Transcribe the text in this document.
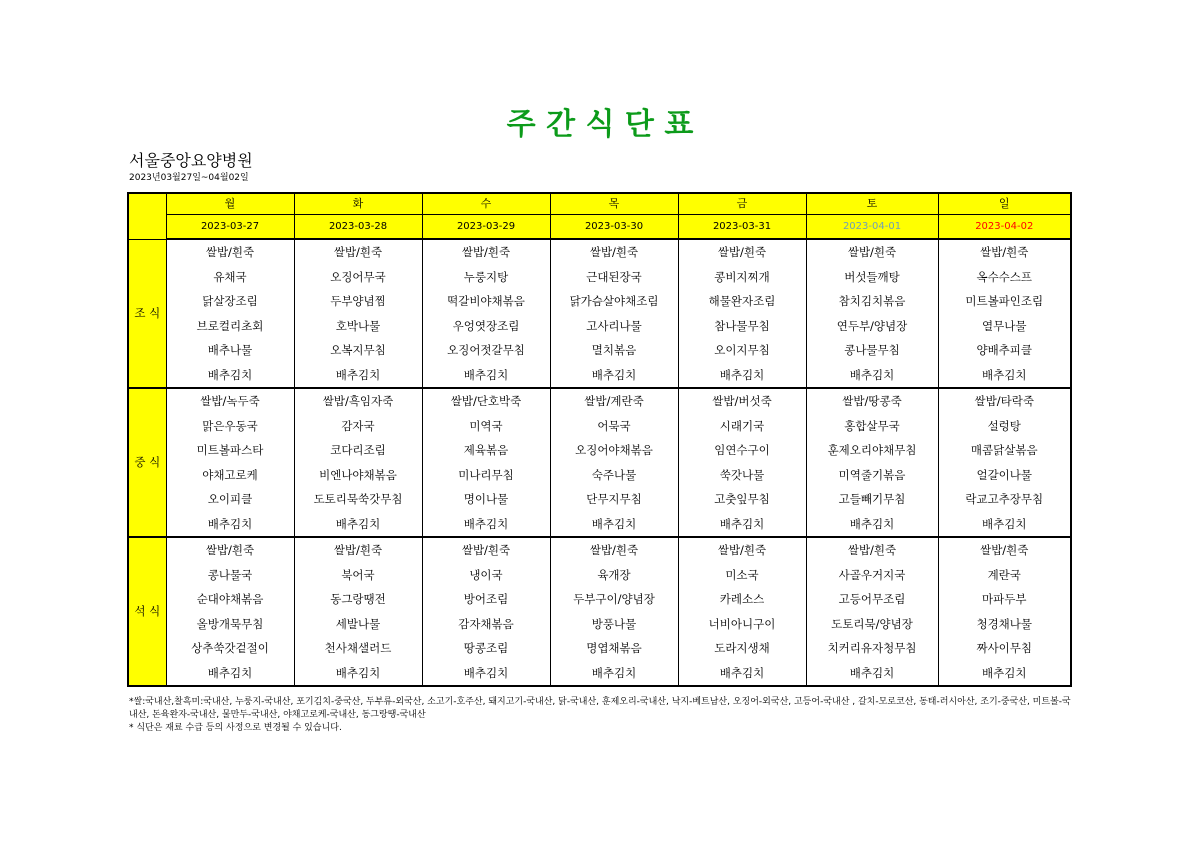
주 간 식 단 표
서울중앙요양병원
2023년03월27일~04월02일
	월	화	수	목	금	토	일
	2023-03-27	2023-03-28	2023-03-29	2023-03-30	2023-03-31	2023-04-01	2023-04-02
조 식	쌀밥/흰죽	쌀밥/흰죽	쌀밥/흰죽	쌀밥/흰죽	쌀밥/흰죽	쌀밥/흰죽	쌀밥/흰죽
	유채국	오징어무국	누룽지탕	근대된장국	콩비지찌개	버섯들깨탕	옥수수스프
	닭살장조림	두부양념찜	떡갈비야채볶음	닭가슴살야채조림	해물완자조림	참치김치볶음	미트볼파인조림
	브로컬리초회	호박나물	우엉엿장조림	고사리나물	참나물무침	연두부/양념장	열무나물
	배추나물	오복지무침	오징어젓갈무침	멸치볶음	오이지무침	콩나물무침	양배추피클
	배추김치	배추김치	배추김치	배추김치	배추김치	배추김치	배추김치
중 식	쌀밥/녹두죽	쌀밥/흑임자죽	쌀밥/단호박죽	쌀밥/계란죽	쌀밥/버섯죽	쌀밥/땅콩죽	쌀밥/타락죽
	맑은우동국	감자국	미역국	어묵국	시래기국	홍합살무국	설렁탕
	미트볼파스타	코다리조림	제육볶음	오징어야채볶음	임연수구이	훈제오리야채무침	매콤닭살볶음
	야채고로케	비엔나야채볶음	미나리무침	숙주나물	쑥갓나물	미역줄기볶음	얼갈이나물
	오이피클	도토리묵쑥갓무침	명이나물	단무지무침	고춧잎무침	고들빼기무침	락교고추장무침
	배추김치	배추김치	배추김치	배추김치	배추김치	배추김치	배추김치
석 식	쌀밥/흰죽	쌀밥/흰죽	쌀밥/흰죽	쌀밥/흰죽	쌀밥/흰죽	쌀밥/흰죽	쌀밥/흰죽
	콩나물국	북어국	냉이국	육개장	미소국	사골우거지국	계란국
	순대야채볶음	동그랑땡전	방어조림	두부구이/양념장	카레소스	고등어무조림	마파두부
	올방개묵무침	세발나물	감자채볶음	방풍나물	너비아니구이	도토리묵/양념장	청경채나물
	상추쑥갓겉절이	천사채샐러드	땅콩조림	명엽채볶음	도라지생채	치커리유자청무침	짜사이무침
	배추김치	배추김치	배추김치	배추김치	배추김치	배추김치	배추김치
*쌀:국내산,찰흑미:국내산, 누룽지-국내산, 포기김치-중국산, 두부류-외국산, 소고기-호주산, 돼지고기-국내산, 닭-국내산, 훈제오리-국내산, 낙지-베트남산, 오징어-외국산, 고등어-국내산 , 갈치-모로코산, 동태-러시아산, 조기-중국산, 미트볼-국내산, 돈육완자-국내산, 물만두-국내산, 야채고로케-국내산, 동그랑땡-국내산
* 식단은 재료 수급 등의 사정으로 변경될 수 있습니다.
